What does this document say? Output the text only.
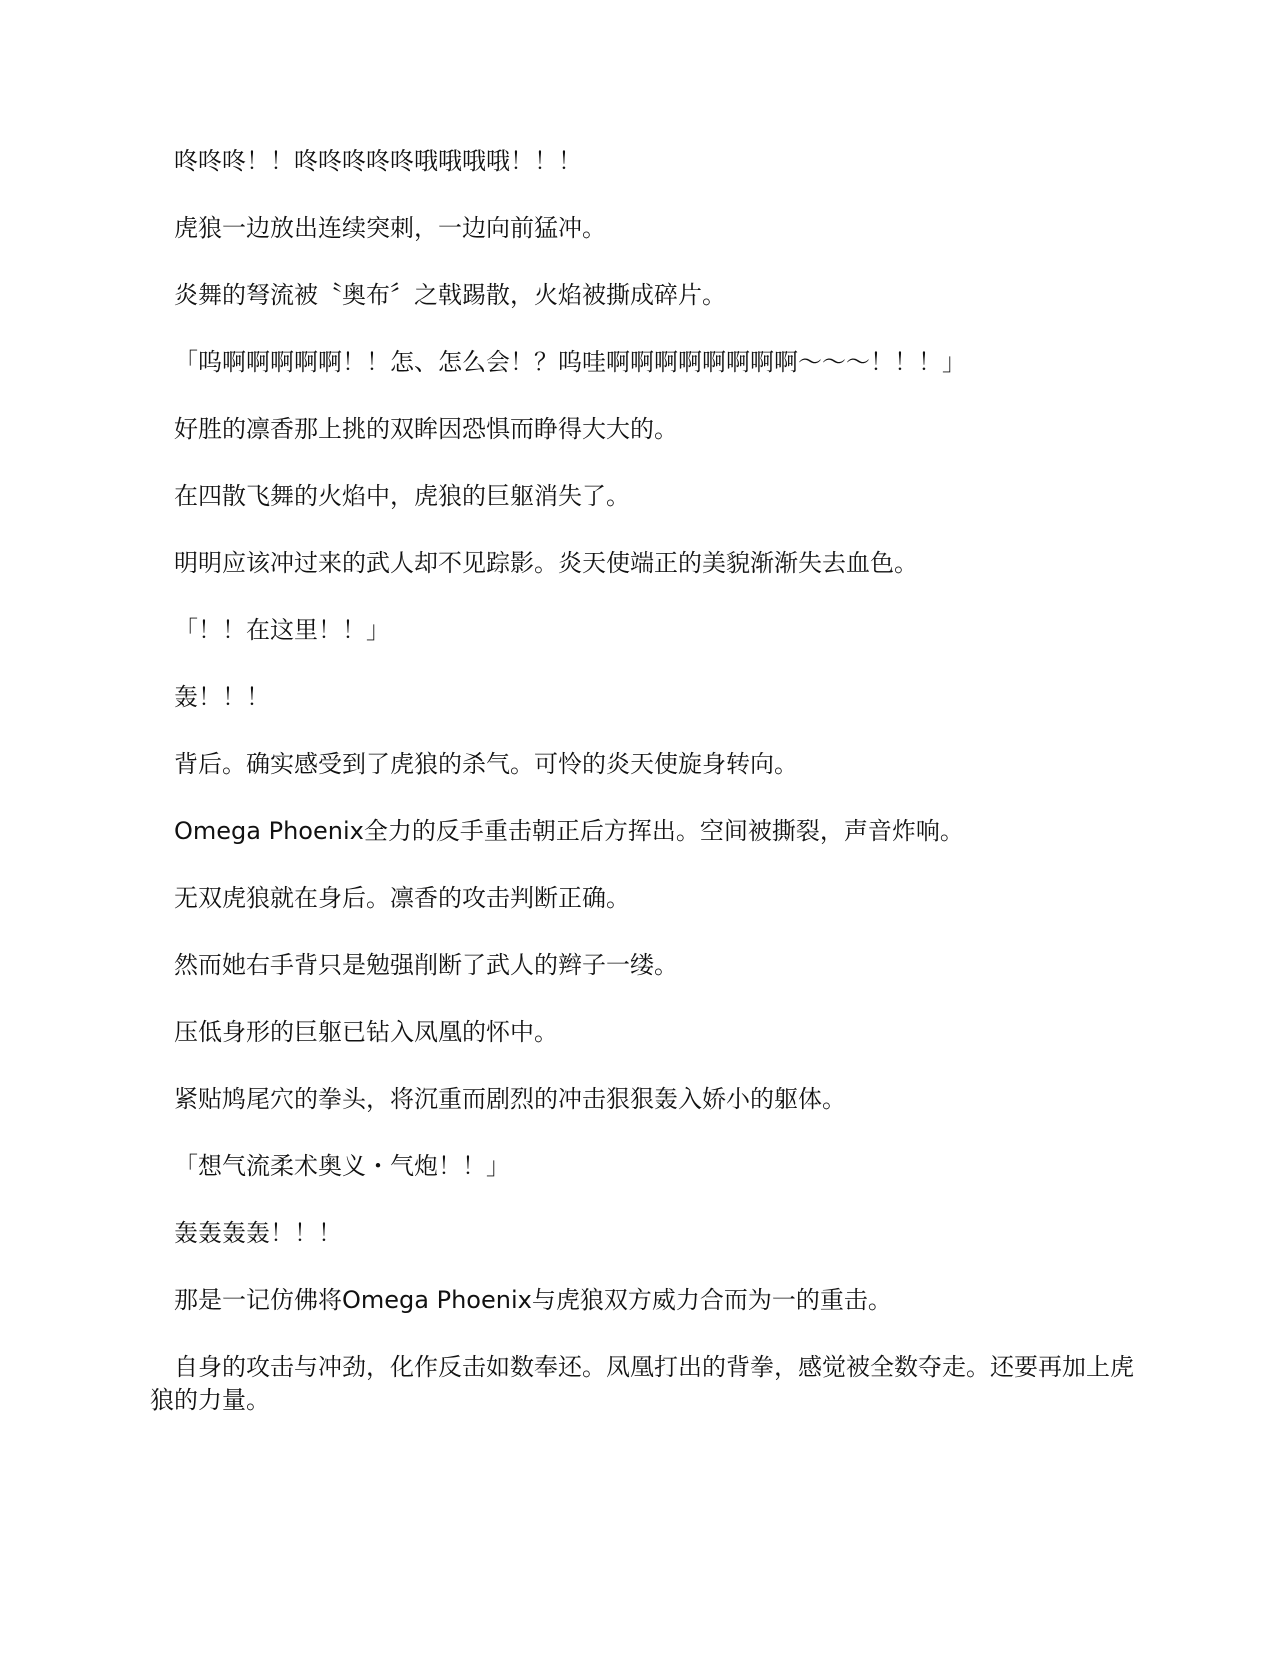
咚咚咚！！咚咚咚咚咚哦哦哦哦！！！

虎狼一边放出连续突刺，一边向前猛冲。

炎舞的弩流被〝奥布〞之戟踢散，火焰被撕成碎片。

「呜啊啊啊啊啊！！怎、怎么会！？呜哇啊啊啊啊啊啊啊啊～～～！！！」

好胜的凛香那上挑的双眸因恐惧而睁得大大的。

在四散飞舞的火焰中，虎狼的巨躯消失了。

明明应该冲过来的武人却不见踪影。炎天使端正的美貌渐渐失去血色。

「！！在这里！！」

轰！！！

背后。确实感受到了虎狼的杀气。可怜的炎天使旋身转向。

Omega Phoenix全力的反手重击朝正后方挥出。空间被撕裂，声音炸响。

无双虎狼就在身后。凛香的攻击判断正确。

然而她右手背只是勉强削断了武人的辫子一缕。

压低身形的巨躯已钻入凤凰的怀中。

紧贴鸠尾穴的拳头，将沉重而剧烈的冲击狠狠轰入娇小的躯体。

「想气流柔术奥义・气炮！！」

轰轰轰轰！！！

那是一记仿佛将Omega Phoenix与虎狼双方威力合而为一的重击。

自身的攻击与冲劲，化作反击如数奉还。凤凰打出的背拳，感觉被全数夺走。还要再加上虎狼的力量。
